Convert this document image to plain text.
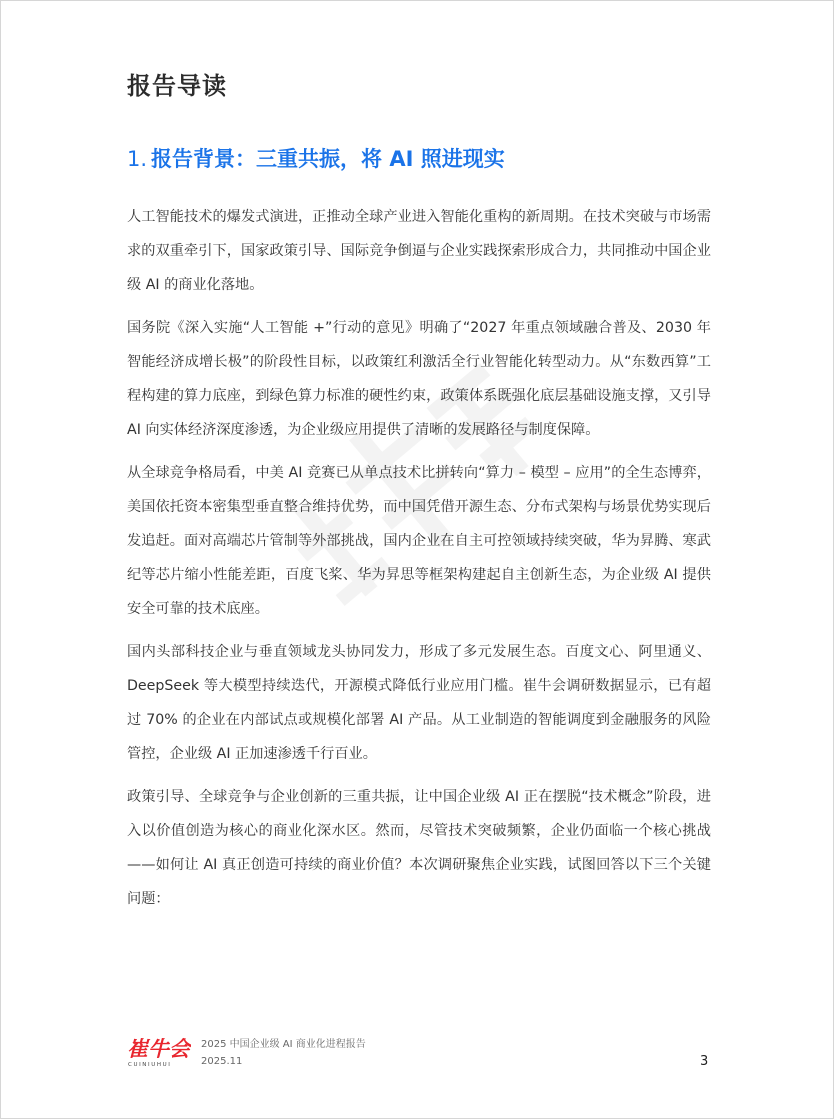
报告导读
1. 报告背景：三重共振，将 AI 照进现实

人工智能技术的爆发式演进，正推动全球产业进入智能化重构的新周期。在技术突破与市场需求的双重牵引下，国家政策引导、国际竞争倒逼与企业实践探索形成合力，共同推动中国企业级 AI 的商业化落地。

国务院《深入实施“人工智能 +”行动的意见》明确了“2027 年重点领域融合普及、2030 年智能经济成增长极”的阶段性目标，以政策红利激活全行业智能化转型动力。从“东数西算”工程构建的算力底座，到绿色算力标准的硬性约束，政策体系既强化底层基础设施支撑，又引导 AI 向实体经济深度渗透，为企业级应用提供了清晰的发展路径与制度保障。

从全球竞争格局看，中美 AI 竞赛已从单点技术比拼转向“算力 – 模型 – 应用”的全生态博弈，美国依托资本密集型垂直整合维持优势，而中国凭借开源生态、分布式架构与场景优势实现后发追赶。面对高端芯片管制等外部挑战，国内企业在自主可控领域持续突破，华为昇腾、寒武纪等芯片缩小性能差距，百度飞桨、华为昇思等框架构建起自主创新生态，为企业级 AI 提供安全可靠的技术底座。

国内头部科技企业与垂直领域龙头协同发力，形成了多元发展生态。百度文心、阿里通义、DeepSeek 等大模型持续迭代，开源模式降低行业应用门槛。崔牛会调研数据显示，已有超过 70% 的企业在内部试点或规模化部署 AI 产品。从工业制造的智能调度到金融服务的风险管控，企业级 AI 正加速渗透千行百业。

政策引导、全球竞争与企业创新的三重共振，让中国企业级 AI 正在摆脱“技术概念”阶段，进入以价值创造为核心的商业化深水区。然而，尽管技术突破频繁，企业仍面临一个核心挑战——如何让 AI 真正创造可持续的商业价值？本次调研聚焦企业实践，试图回答以下三个关键问题：

崔牛会
CUINIUHUI
2025 中国企业级 AI 商业化进程报告
2025.11	3
